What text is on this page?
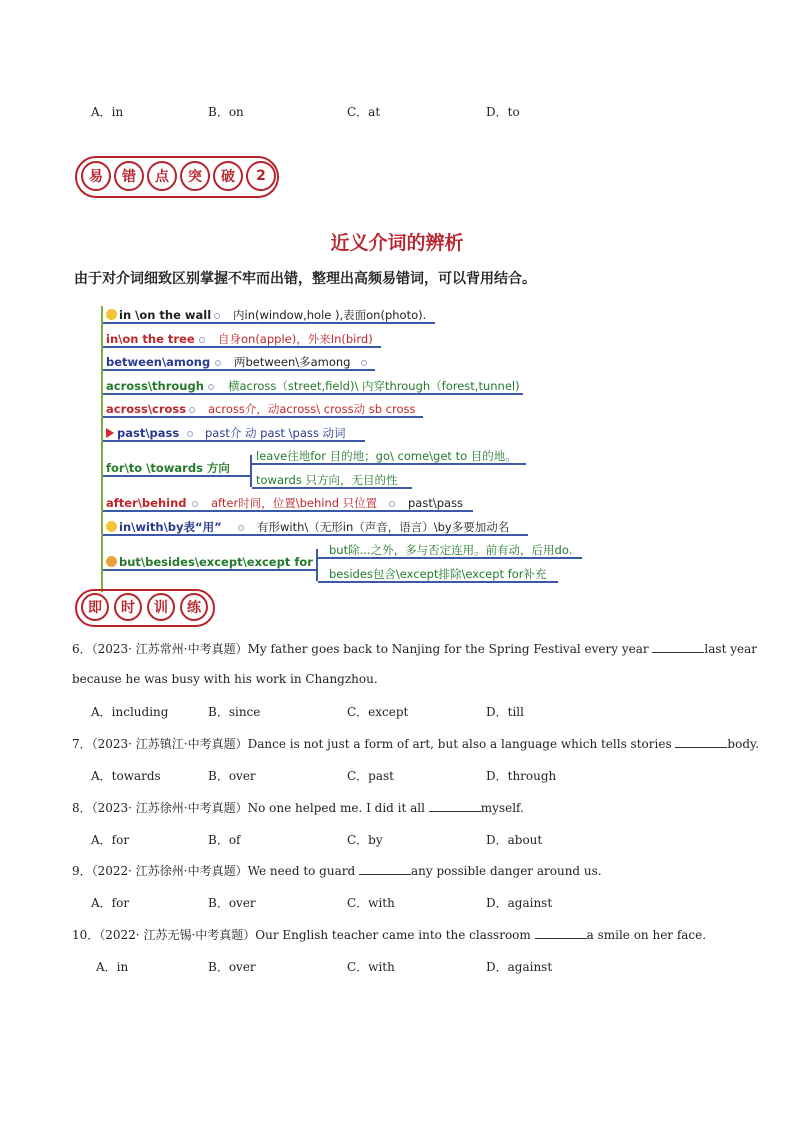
A．in	B．on	C．at	D．to
易	错	点	突	破	2
近义介词的辨析
由于对介词细致区别掌握不牢而出错，整理出高频易错词，可以背用结合。
in \on the wall 内in(window,hole ),表面on(photo).
in\on the tree 自身on(apple)，外来In(bird)
between\among 两between\多among
across\through 横across（street,field)\ 内穿through（forest,tunnel)
across\cross across介，动across\ cross动 sb cross
past\pass past介 动 past \pass 动词
for\to \towards 方向
leave往地for 目的地；go\ come\get to 目的地。
towards 只方向，无目的性
after\behind after时间，位置\behind 只位置	past\pass
in\with\by表“用”	有形with\（无形in（声音，语言）\by多要加动名
but\besides\except\except for
but除...之外，多与否定连用。前有动，后用do.
besides包含\except排除\except for补充
即	时	训	练
6．（2023· 江苏常州·中考真题）My father goes back to Nanjing for the Spring Festival every year	last year
because he was busy with his work in Changzhou.
A．including	B．since	C．except	D．till
7．（2023· 江苏镇江·中考真题）Dance is not just a form of art, but also a language which tells stories	body.
A．towards	B．over	C．past	D．through
8．（2023· 江苏徐州·中考真题）No one helped me. I did it all	myself.
A．for	B．of	C．by	D．about
9．（2022· 江苏徐州·中考真题）We need to guard	any possible danger around us.
A．for	B．over	C．with	D．against
10．（2022· 江苏无锡·中考真题）Our English teacher came into the classroom	a smile on her face.
A．in	B．over	C．with	D．against
